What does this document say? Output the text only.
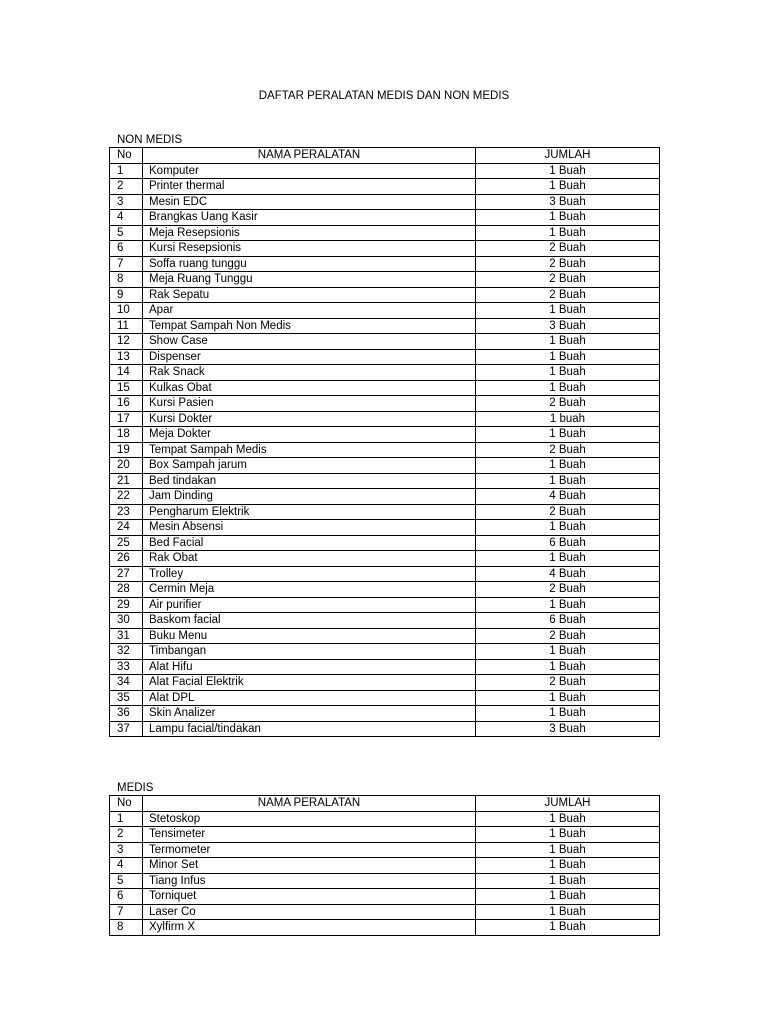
DAFTAR PERALATAN MEDIS DAN NON MEDIS
NON MEDIS
No	NAMA PERALATAN	JUMLAH
1	Komputer	1 Buah
2	Printer thermal	1 Buah
3	Mesin EDC	3 Buah
4	Brangkas Uang Kasir	1 Buah
5	Meja Resepsionis	1 Buah
6	Kursi Resepsionis	2 Buah
7	Soffa ruang tunggu	2 Buah
8	Meja Ruang Tunggu	2 Buah
9	Rak Sepatu	2 Buah
10	Apar	1 Buah
11	Tempat Sampah Non Medis	3 Buah
12	Show Case	1 Buah
13	Dispenser	1 Buah
14	Rak Snack	1 Buah
15	Kulkas Obat	1 Buah
16	Kursi Pasien	2 Buah
17	Kursi Dokter	1 buah
18	Meja Dokter	1 Buah
19	Tempat Sampah Medis	2 Buah
20	Box Sampah jarum	1 Buah
21	Bed tindakan	1 Buah
22	Jam Dinding	4 Buah
23	Pengharum Elektrik	2 Buah
24	Mesin Absensi	1 Buah
25	Bed Facial	6 Buah
26	Rak Obat	1 Buah
27	Trolley	4 Buah
28	Cermin Meja	2 Buah
29	Air purifier	1 Buah
30	Baskom facial	6 Buah
31	Buku Menu	2 Buah
32	Timbangan	1 Buah
33	Alat Hifu	1 Buah
34	Alat Facial Elektrik	2 Buah
35	Alat DPL	1 Buah
36	Skin Analizer	1 Buah
37	Lampu facial/tindakan	3 Buah
MEDIS
No	NAMA PERALATAN	JUMLAH
1	Stetoskop	1 Buah
2	Tensimeter	1 Buah
3	Termometer	1 Buah
4	Minor Set	1 Buah
5	Tiang Infus	1 Buah
6	Torniquet	1 Buah
7	Laser Co	1 Buah
8	Xylfirm X	1 Buah
